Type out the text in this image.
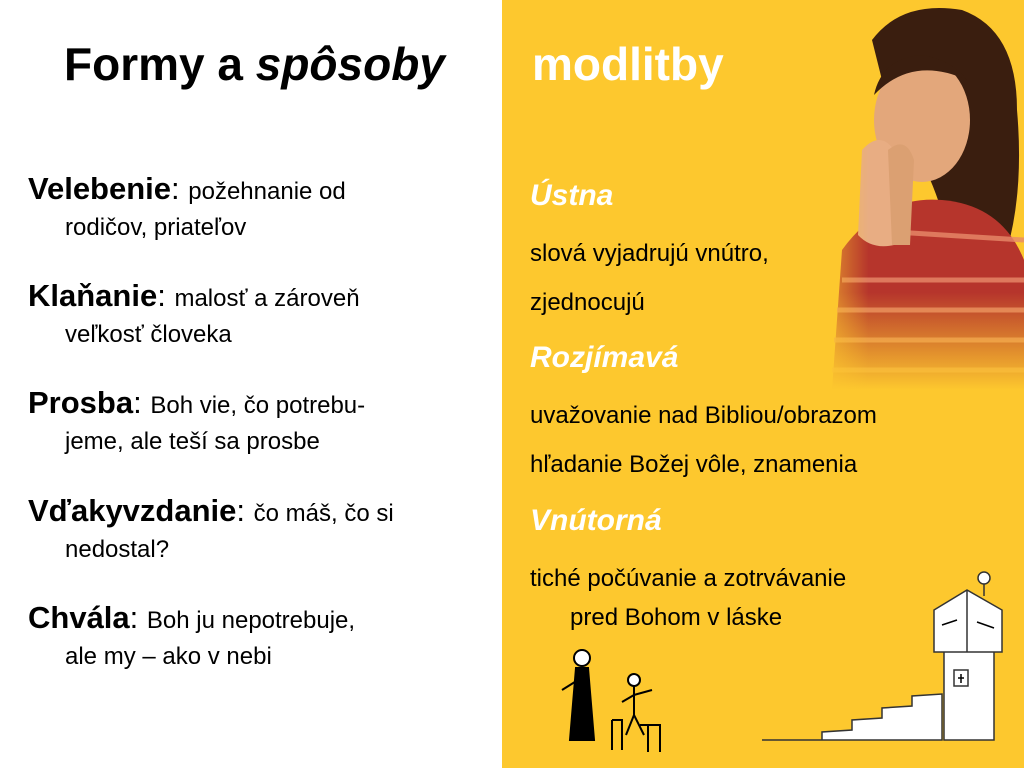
Formy a spôsoby modlitby
Velebenie: požehnanie od
rodičov, priateľov
Klaňanie: malosť a zároveň
veľkosť človeka
Prosba: Boh vie, čo potrebu-
jeme, ale teší sa prosbe
Vďakyvzdanie: čo máš, čo si
nedostal?
Chvála: Boh ju nepotrebuje,
ale my – ako v nebi
Ústna
slová vyjadrujú vnútro,
zjednocujú
Rozjímavá
uvažovanie nad Bibliou/obrazom
hľadanie Božej vôle, znamenia
Vnútorná
tiché počúvanie a zotrvávanie
pred Bohom v láske
